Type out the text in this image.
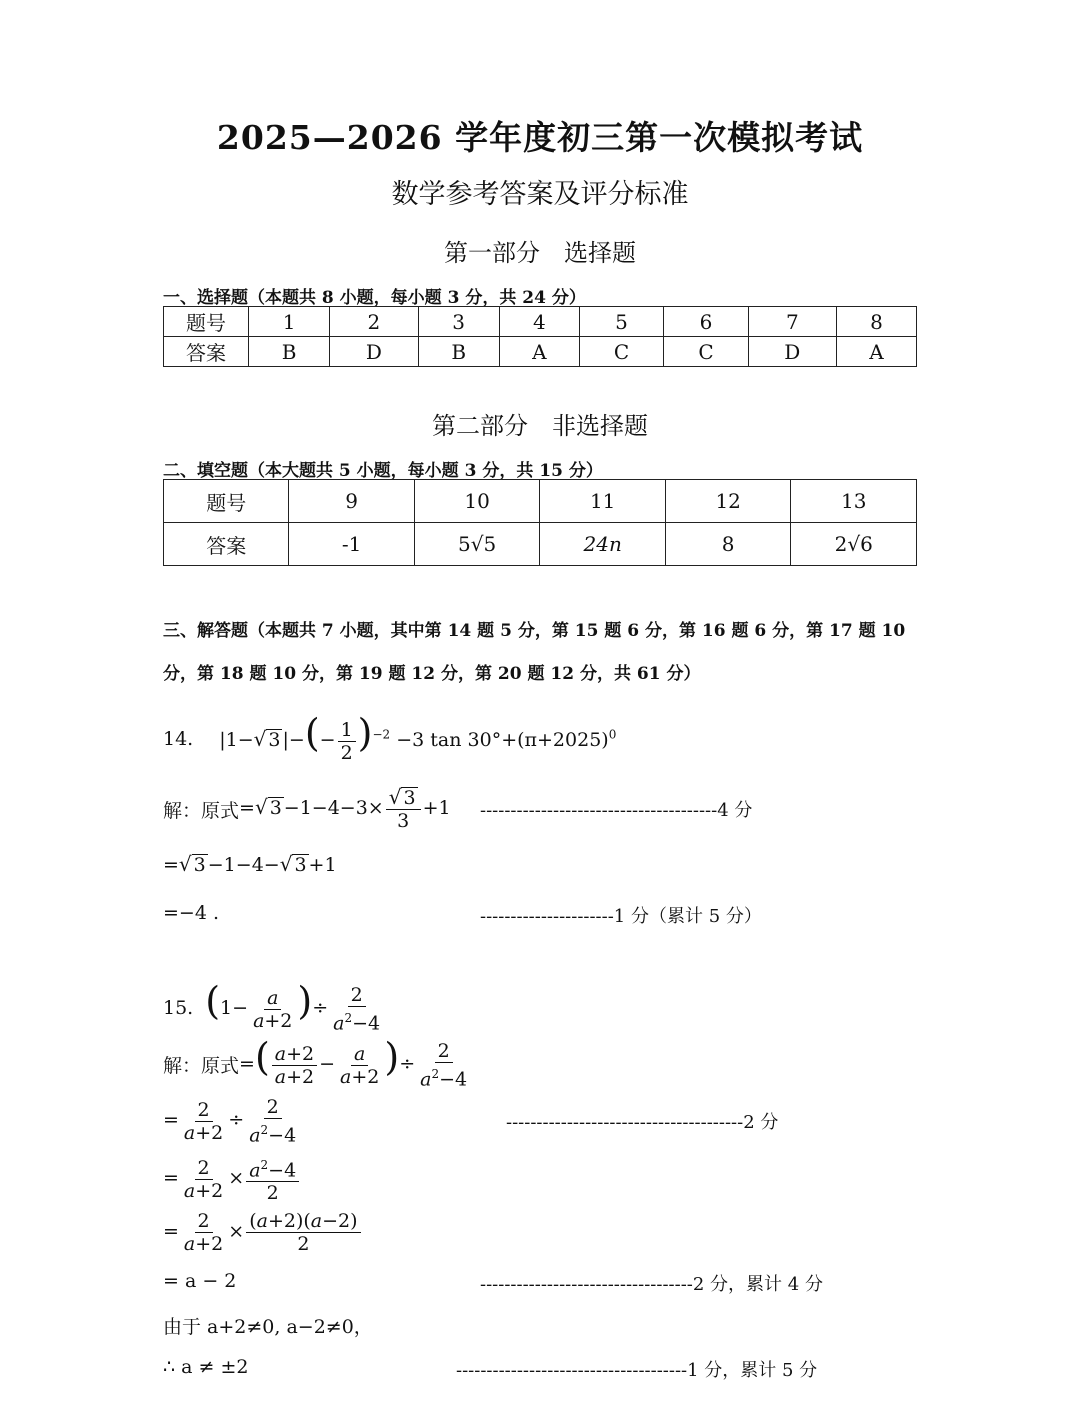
2025—2026 学年度初三第一次模拟考试
数学参考答案及评分标准
第一部分 选择题
一、选择题（本题共 8 小题，每小题 3 分，共 24 分）
题号	1	2	3	4	5	6	7	8
答案	B	D	B	A	C	C	D	A
第二部分 非选择题
二、填空题（本大题共 5 小题，每小题 3 分，共 15 分）
题号	9	10	11	12	13
答案	-1	5√5	24n	8	2√6
三、解答题（本题共 7 小题，其中第 14 题 5 分，第 15 题 6 分，第 16 题 6 分，第 17 题 10
分，第 18 题 10 分，第 19 题 12 分，第 20 题 12 分，共 61 分）
14. |1−√ 3 |−(− $\frac{1}{2} )^{-2} -3$ $\tan 30^\circ+(\pi+2025)^0$
解：原式 =√ $3 -1-4-3\times \frac{√ 3}{3} +1$ ---------------------------------------4 分
=√ 3 −1−4−√ 3 +1
=−4 .	----------------------1 分（累计 5 分）
15. ($1- \frac{a}{a+2}$ )÷ $\frac{2}{a^2-4}$
解：原式 =( $\frac{a+2}{a+2} - \frac{a}{a+2}$ )÷ $\frac{2}{a^2-4}$
= $\frac{2}{a+2} \div \frac{2}{a^2-4}$	---------------------------------------2 分
= $\frac{2}{a+2} \times \frac{a^2-4}{2}$
= $\frac{2}{a+2} \times \frac{(a+2)(a-2)}{2}$
= a − 2	-----------------------------------2 分，累计 4 分
由于 a+2≠0, a−2≠0，
∴ a ≠ ±2	--------------------------------------1 分，累计 5 分
